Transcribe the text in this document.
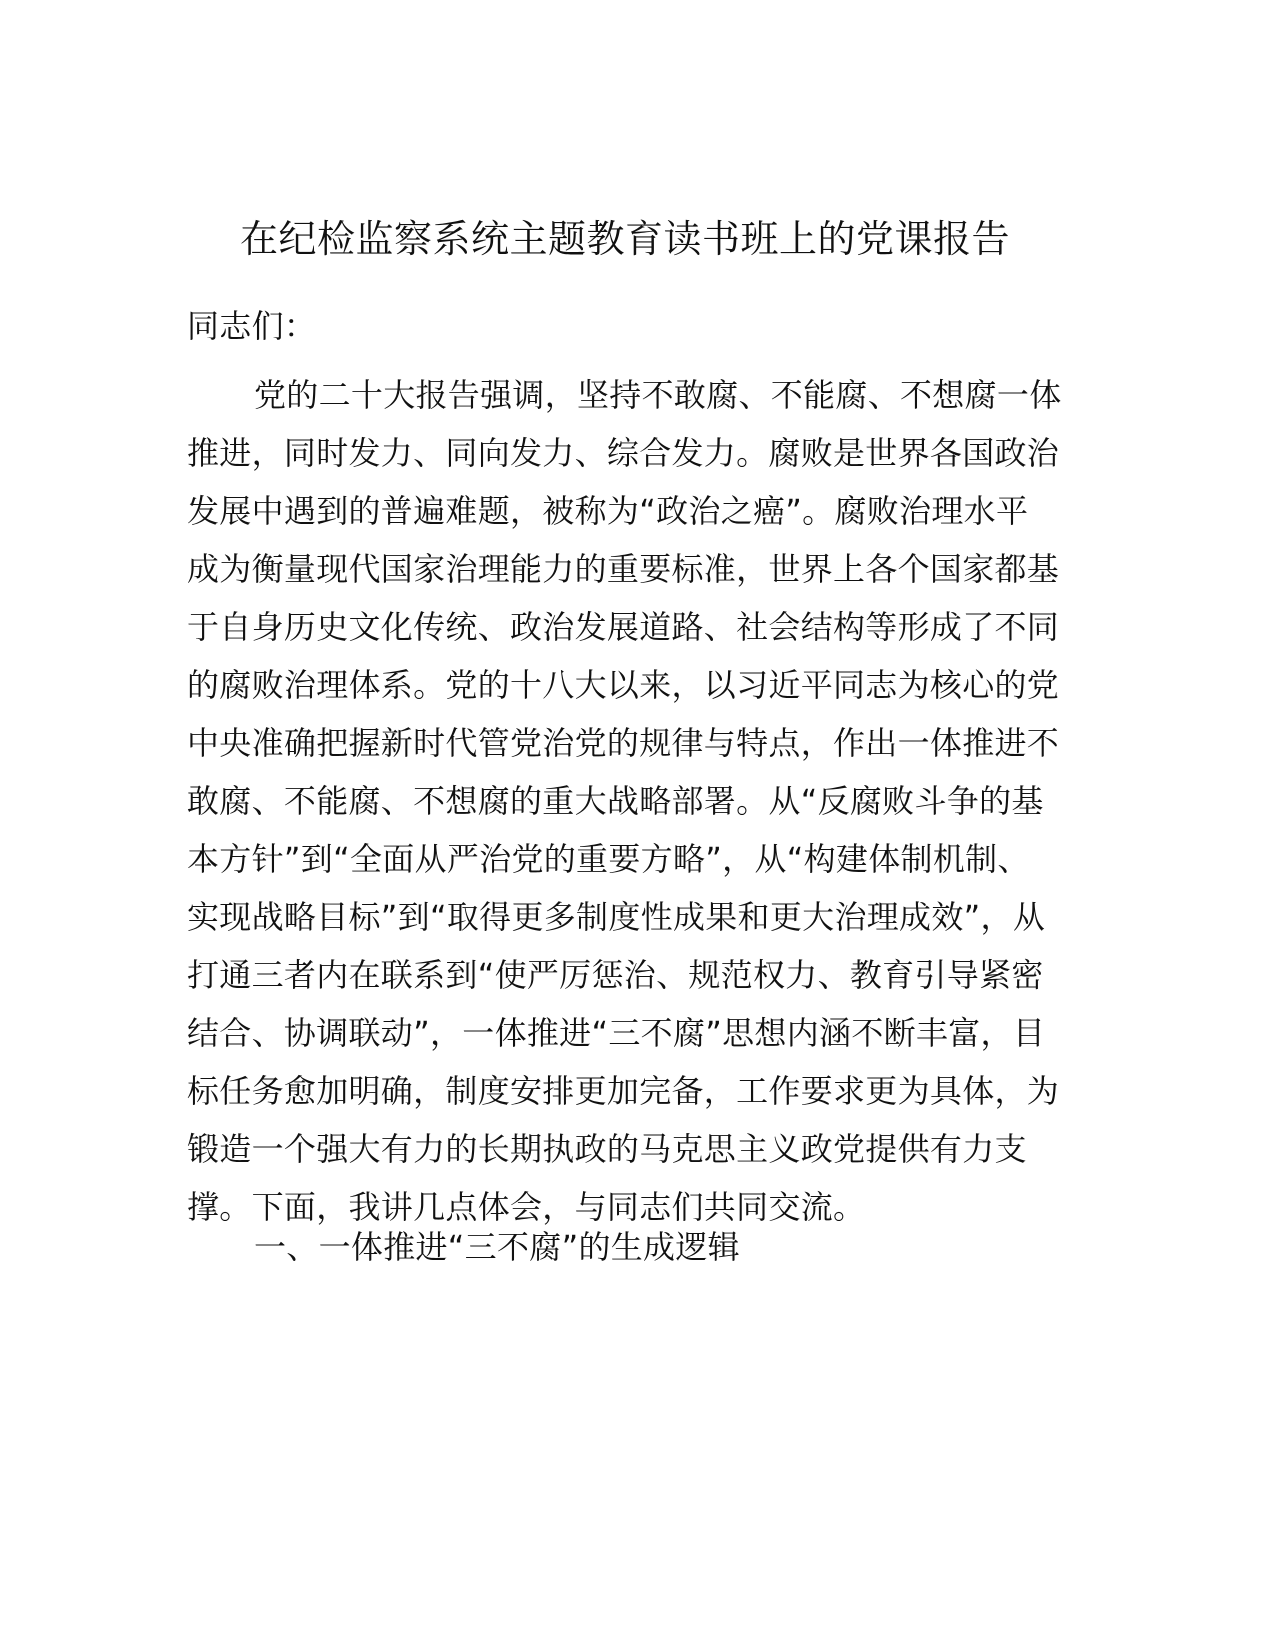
在纪检监察系统主题教育读书班上的党课报告
同志们：
党的二十大报告强调，坚持不敢腐、不能腐、不想腐一体
推进，同时发力、同向发力、综合发力。腐败是世界各国政治
发展中遇到的普遍难题，被称为“政治之癌”。腐败治理水平
成为衡量现代国家治理能力的重要标准，世界上各个国家都基
于自身历史文化传统、政治发展道路、社会结构等形成了不同
的腐败治理体系。党的十八大以来，以习近平同志为核心的党
中央准确把握新时代管党治党的规律与特点，作出一体推进不
敢腐、不能腐、不想腐的重大战略部署。从“反腐败斗争的基
本方针”到“全面从严治党的重要方略”，从“构建体制机制、
实现战略目标”到“取得更多制度性成果和更大治理成效”，从
打通三者内在联系到“使严厉惩治、规范权力、教育引导紧密
结合、协调联动”，一体推进“三不腐”思想内涵不断丰富，目
标任务愈加明确，制度安排更加完备，工作要求更为具体，为
锻造一个强大有力的长期执政的马克思主义政党提供有力支
撑。下面，我讲几点体会，与同志们共同交流。
一、一体推进“三不腐”的生成逻辑
